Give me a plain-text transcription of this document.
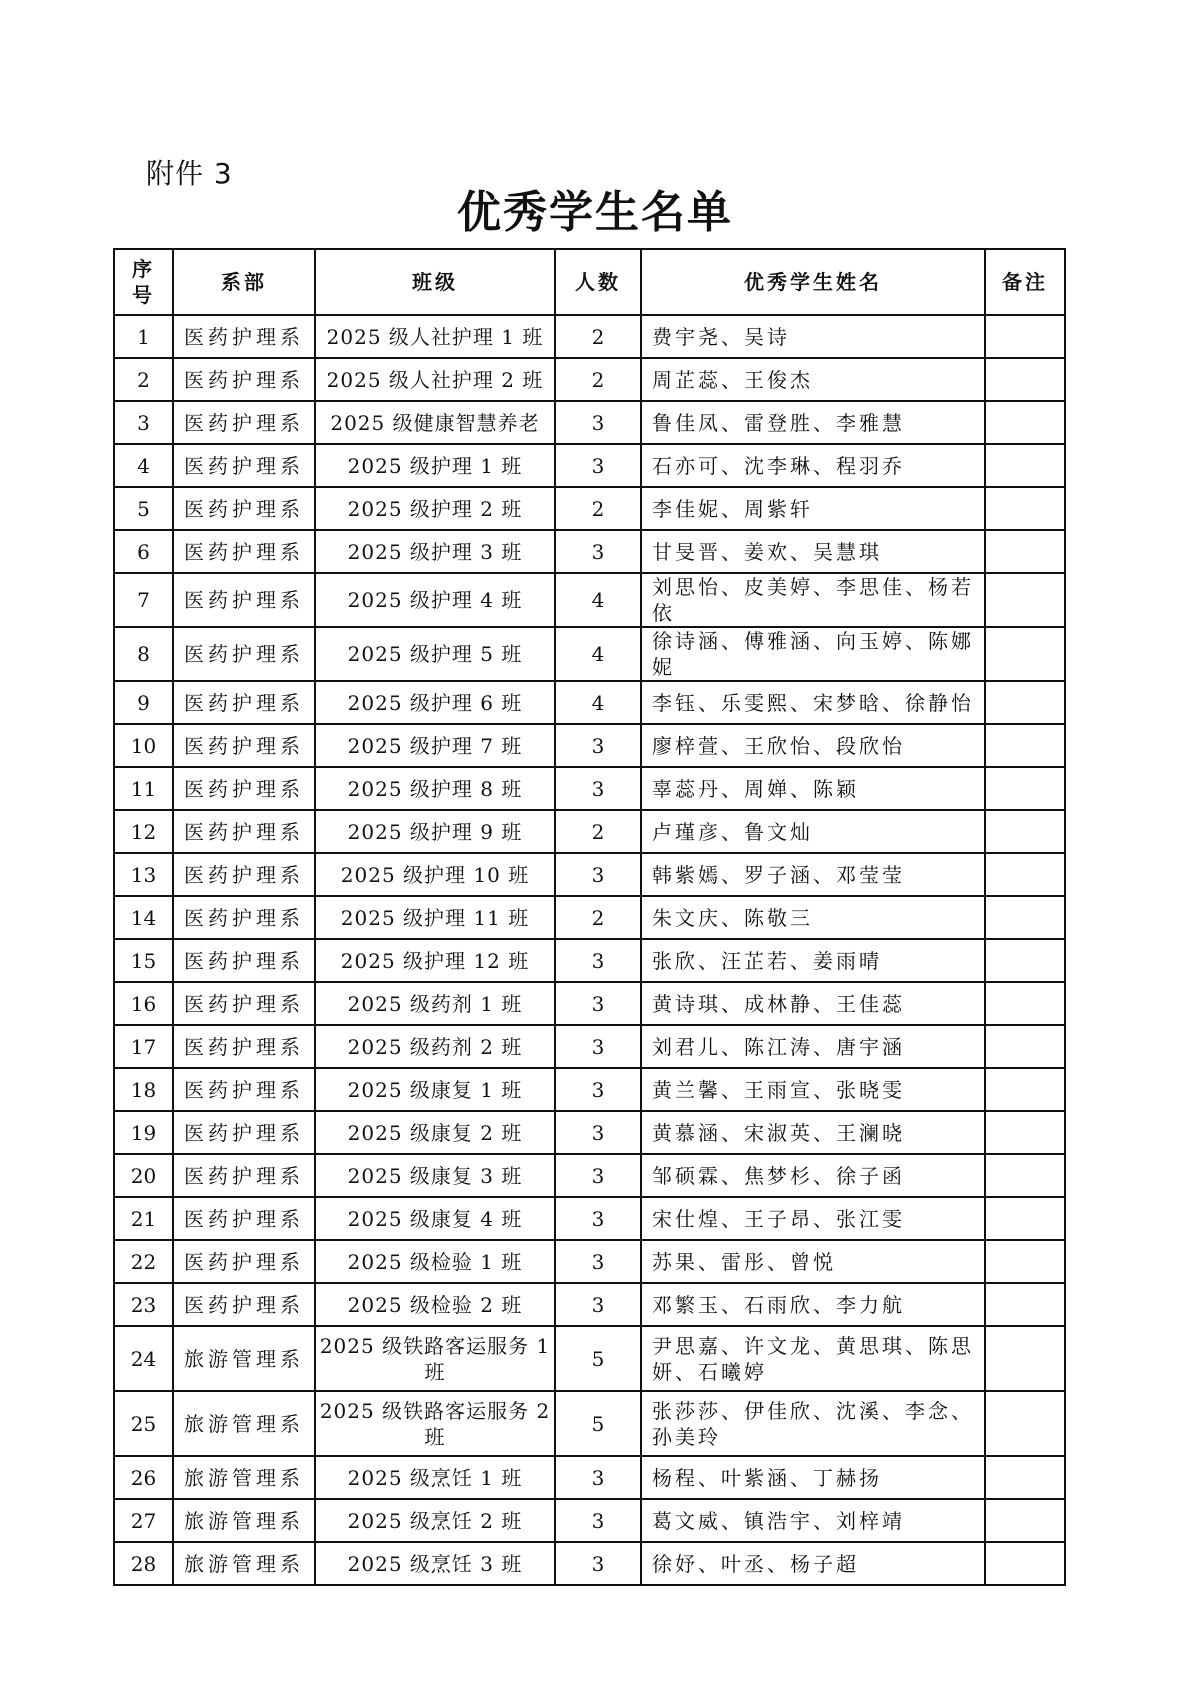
附件 3
优秀学生名单
序
号	系部	班级	人数	优秀学生姓名	备注
1	医药护理系	2025 级人社护理 1 班	2	费宇尧、吴诗	
2	医药护理系	2025 级人社护理 2 班	2	周芷蕊、王俊杰	
3	医药护理系	2025 级健康智慧养老	3	鲁佳凤、雷登胜、李雅慧	
4	医药护理系	2025 级护理 1 班	3	石亦可、沈李琳、程羽乔	
5	医药护理系	2025 级护理 2 班	2	李佳妮、周紫轩	
6	医药护理系	2025 级护理 3 班	3	甘旻晋、姜欢、吴慧琪	
7	医药护理系	2025 级护理 4 班	4	刘思怡、皮美婷、李思佳、杨若依	
8	医药护理系	2025 级护理 5 班	4	徐诗涵、傅雅涵、向玉婷、陈娜妮	
9	医药护理系	2025 级护理 6 班	4	李钰、乐雯熙、宋梦晗、徐静怡	
10	医药护理系	2025 级护理 7 班	3	廖梓萱、王欣怡、段欣怡	
11	医药护理系	2025 级护理 8 班	3	辜蕊丹、周婵、陈颖	
12	医药护理系	2025 级护理 9 班	2	卢瑾彦、鲁文灿	
13	医药护理系	2025 级护理 10 班	3	韩紫嫣、罗子涵、邓莹莹	
14	医药护理系	2025 级护理 11 班	2	朱文庆、陈敬三	
15	医药护理系	2025 级护理 12 班	3	张欣、汪芷若、姜雨晴	
16	医药护理系	2025 级药剂 1 班	3	黄诗琪、成林静、王佳蕊	
17	医药护理系	2025 级药剂 2 班	3	刘君儿、陈江涛、唐宇涵	
18	医药护理系	2025 级康复 1 班	3	黄兰馨、王雨宣、张晓雯	
19	医药护理系	2025 级康复 2 班	3	黄慕涵、宋淑英、王澜晓	
20	医药护理系	2025 级康复 3 班	3	邹硕霖、焦梦杉、徐子函	
21	医药护理系	2025 级康复 4 班	3	宋仕煌、王子昂、张江雯	
22	医药护理系	2025 级检验 1 班	3	苏果、雷彤、曾悦	
23	医药护理系	2025 级检验 2 班	3	邓繁玉、石雨欣、李力航	
24	旅游管理系	2025 级铁路客运服务 1 班	5	尹思嘉、许文龙、黄思琪、陈思妍、石曦婷	
25	旅游管理系	2025 级铁路客运服务 2 班	5	张莎莎、伊佳欣、沈溪、李念、孙美玲	
26	旅游管理系	2025 级烹饪 1 班	3	杨程、叶紫涵、丁赫扬	
27	旅游管理系	2025 级烹饪 2 班	3	葛文威、镇浩宇、刘梓靖	
28	旅游管理系	2025 级烹饪 3 班	3	徐妤、叶丞、杨子超	
